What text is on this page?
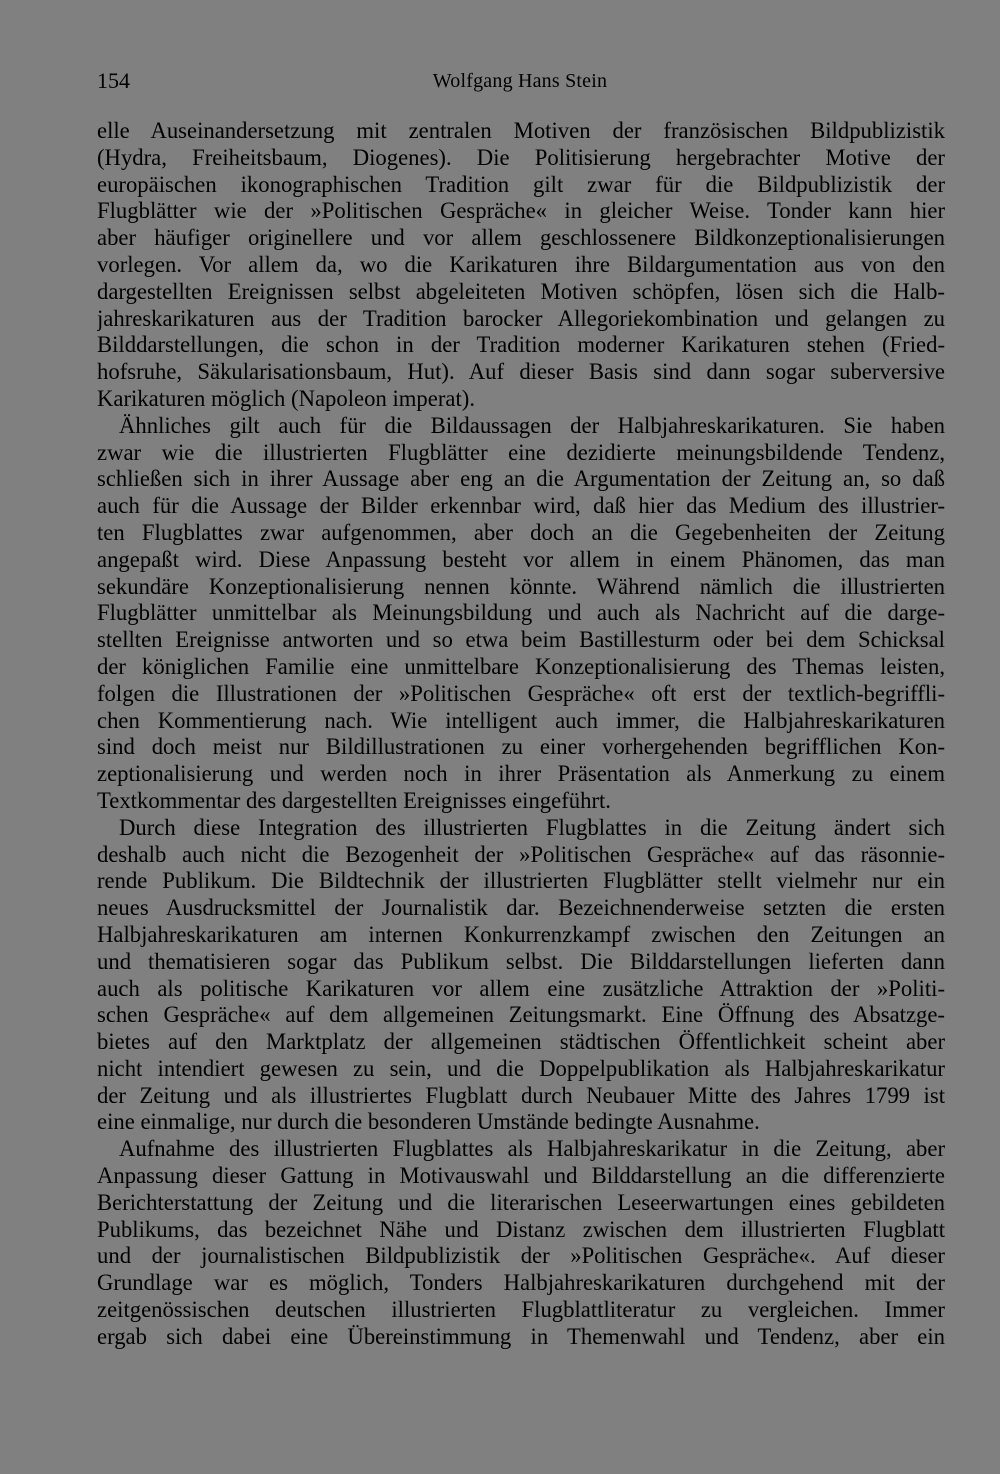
154	Wolfgang Hans Stein
elle Auseinandersetzung mit zentralen Motiven der französischen Bildpublizistik
(Hydra, Freiheitsbaum, Diogenes). Die Politisierung hergebrachter Motive der
europäischen ikonographischen Tradition gilt zwar für die Bildpublizistik der
Flugblätter wie der »Politischen Gespräche« in gleicher Weise. Tonder kann hier
aber häufiger originellere und vor allem geschlossenere Bildkonzeptionalisierungen
vorlegen. Vor allem da, wo die Karikaturen ihre Bildargumentation aus von den
dargestellten Ereignissen selbst abgeleiteten Motiven schöpfen, lösen sich die Halb-
jahreskarikaturen aus der Tradition barocker Allegoriekombination und gelangen zu
Bilddarstellungen, die schon in der Tradition moderner Karikaturen stehen (Fried-
hofsruhe, Säkularisationsbaum, Hut). Auf dieser Basis sind dann sogar suberversive
Karikaturen möglich (Napoleon imperat).
Ähnliches gilt auch für die Bildaussagen der Halbjahreskarikaturen. Sie haben
zwar wie die illustrierten Flugblätter eine dezidierte meinungsbildende Tendenz,
schließen sich in ihrer Aussage aber eng an die Argumentation der Zeitung an, so daß
auch für die Aussage der Bilder erkennbar wird, daß hier das Medium des illustrier-
ten Flugblattes zwar aufgenommen, aber doch an die Gegebenheiten der Zeitung
angepaßt wird. Diese Anpassung besteht vor allem in einem Phänomen, das man
sekundäre Konzeptionalisierung nennen könnte. Während nämlich die illustrierten
Flugblätter unmittelbar als Meinungsbildung und auch als Nachricht auf die darge-
stellten Ereignisse antworten und so etwa beim Bastillesturm oder bei dem Schicksal
der königlichen Familie eine unmittelbare Konzeptionalisierung des Themas leisten,
folgen die Illustrationen der »Politischen Gespräche« oft erst der textlich-begriffli-
chen Kommentierung nach. Wie intelligent auch immer, die Halbjahreskarikaturen
sind doch meist nur Bildillustrationen zu einer vorhergehenden begrifflichen Kon-
zeptionalisierung und werden noch in ihrer Präsentation als Anmerkung zu einem
Textkommentar des dargestellten Ereignisses eingeführt.
Durch diese Integration des illustrierten Flugblattes in die Zeitung ändert sich
deshalb auch nicht die Bezogenheit der »Politischen Gespräche« auf das räsonnie-
rende Publikum. Die Bildtechnik der illustrierten Flugblätter stellt vielmehr nur ein
neues Ausdrucksmittel der Journalistik dar. Bezeichnenderweise setzten die ersten
Halbjahreskarikaturen am internen Konkurrenzkampf zwischen den Zeitungen an
und thematisieren sogar das Publikum selbst. Die Bilddarstellungen lieferten dann
auch als politische Karikaturen vor allem eine zusätzliche Attraktion der »Politi-
schen Gespräche« auf dem allgemeinen Zeitungsmarkt. Eine Öffnung des Absatzge-
bietes auf den Marktplatz der allgemeinen städtischen Öffentlichkeit scheint aber
nicht intendiert gewesen zu sein, und die Doppelpublikation als Halbjahreskarikatur
der Zeitung und als illustriertes Flugblatt durch Neubauer Mitte des Jahres 1799 ist
eine einmalige, nur durch die besonderen Umstände bedingte Ausnahme.
Aufnahme des illustrierten Flugblattes als Halbjahreskarikatur in die Zeitung, aber
Anpassung dieser Gattung in Motivauswahl und Bilddarstellung an die differenzierte
Berichterstattung der Zeitung und die literarischen Leseerwartungen eines gebildeten
Publikums, das bezeichnet Nähe und Distanz zwischen dem illustrierten Flugblatt
und der journalistischen Bildpublizistik der »Politischen Gespräche«. Auf dieser
Grundlage war es möglich, Tonders Halbjahreskarikaturen durchgehend mit der
zeitgenössischen deutschen illustrierten Flugblattliteratur zu vergleichen. Immer
ergab sich dabei eine Übereinstimmung in Themenwahl und Tendenz, aber ein
